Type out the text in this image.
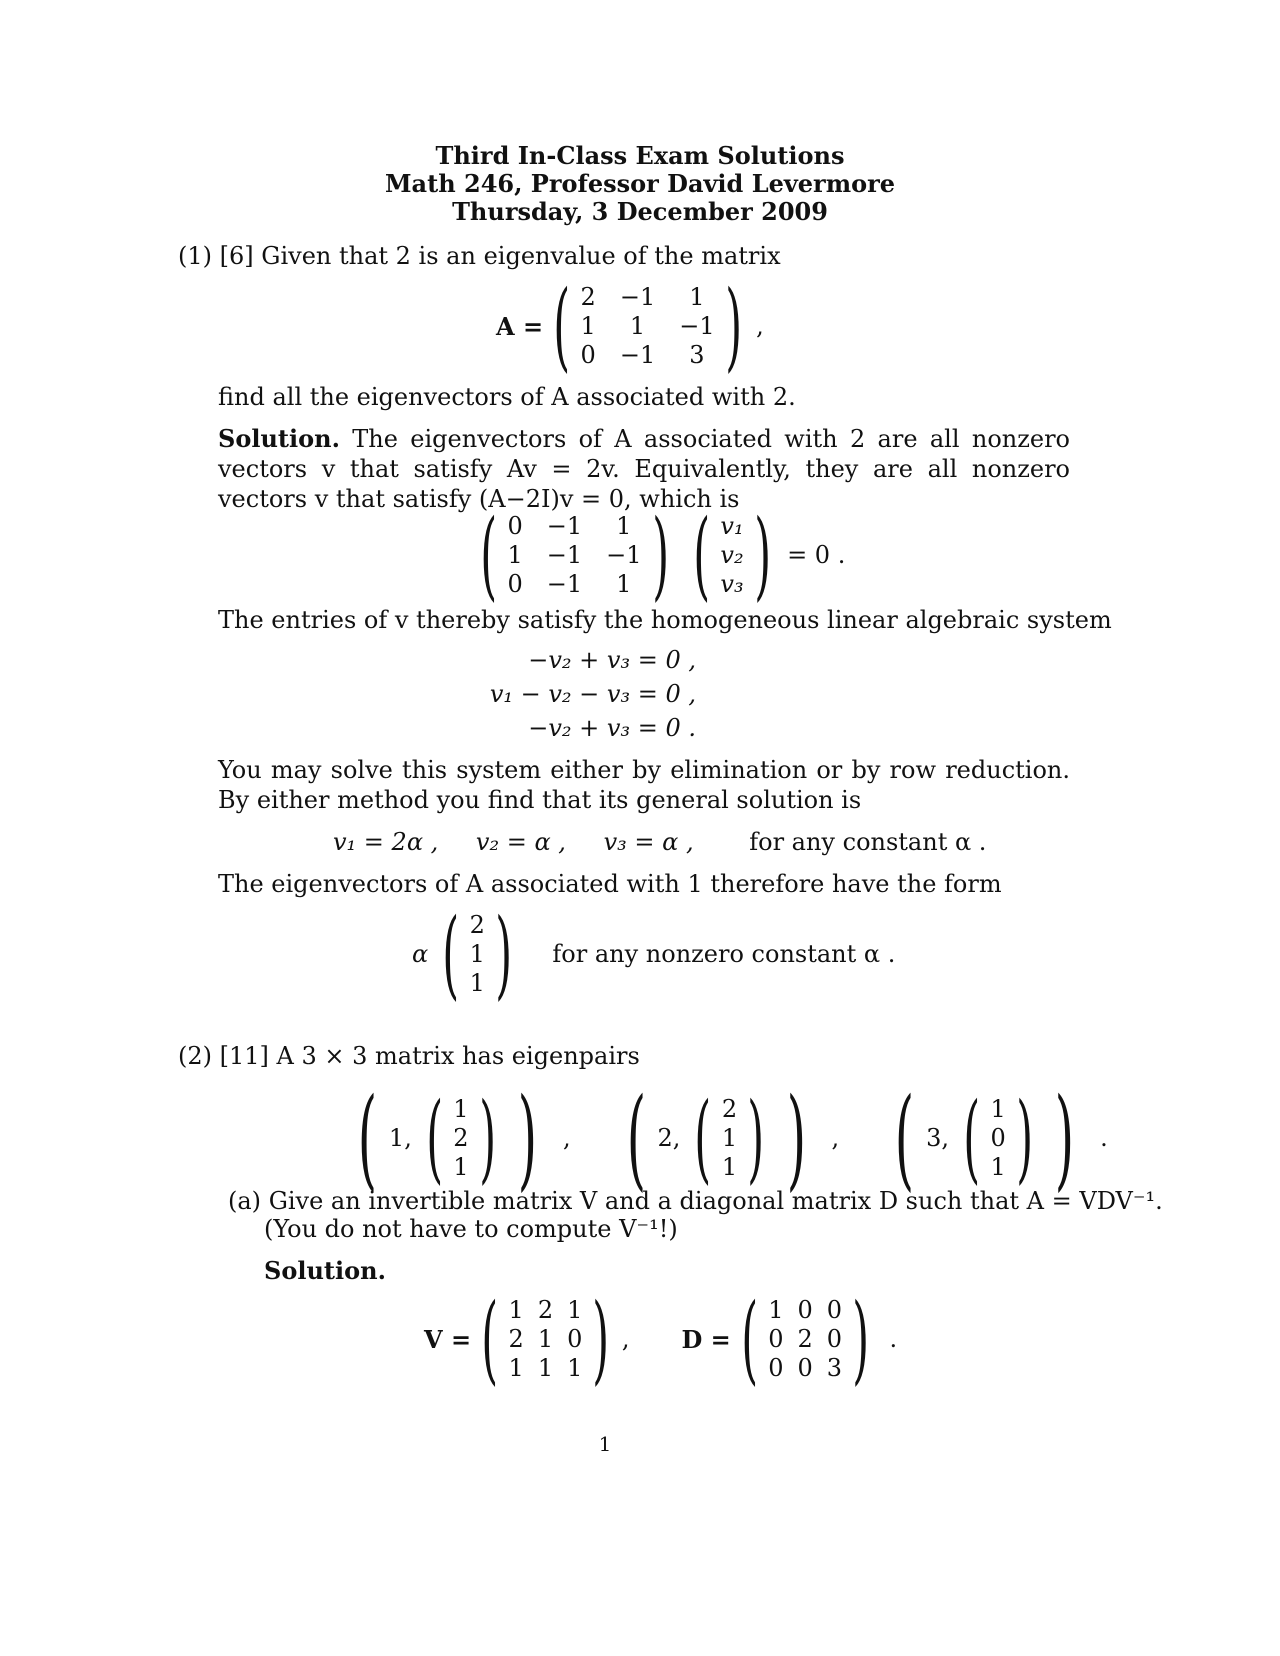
Third In-Class Exam Solutions
Math 246, Professor David Levermore
Thursday, 3 December 2009
(1) [6] Given that 2 is an eigenvalue of the matrix
A = ( 2 −1	1
1	1	−1
0 −1	3 ) ,
find all the eigenvectors of A associated with 2.
Solution. The eigenvectors of A associated with 2 are all nonzero vectors v that satisfy Av = 2v. Equivalently, they are all nonzero vectors v that satisfy (A−2I)v = 0, which is
( 0 −1	1
1 −1 −1
0 −1	1 ) ( v₁
v₂
v₃ ) = 0 .
The entries of v thereby satisfy the homogeneous linear algebraic system
−v₂ + v₃ = 0 ,
v₁ − v₂ − v₃ = 0 ,
−v₂ + v₃ = 0 .
You may solve this system either by elimination or by row reduction. By either method you find that its general solution is
v₁ = 2α , v₂ = α , v₃ = α , for any constant α .
The eigenvectors of A associated with 1 therefore have the form
α ( 2
1
1 ) for any nonzero constant α .
(2) [11] A 3 × 3 matrix has eigenpairs
( 1 , ( 1
2
1 ) ) , ( 2 , ( 2
1
1 ) ) , ( 3 , ( 1
0
1 ) ) .
(a) Give an invertible matrix V and a diagonal matrix D such that A = VDV⁻¹.
(You do not have to compute V⁻¹!)
Solution.
V = ( 1 2 1
2 1 0
1 1 1 ) , D = ( 1 0 0
0 2 0
0 0 3 ) .
1
